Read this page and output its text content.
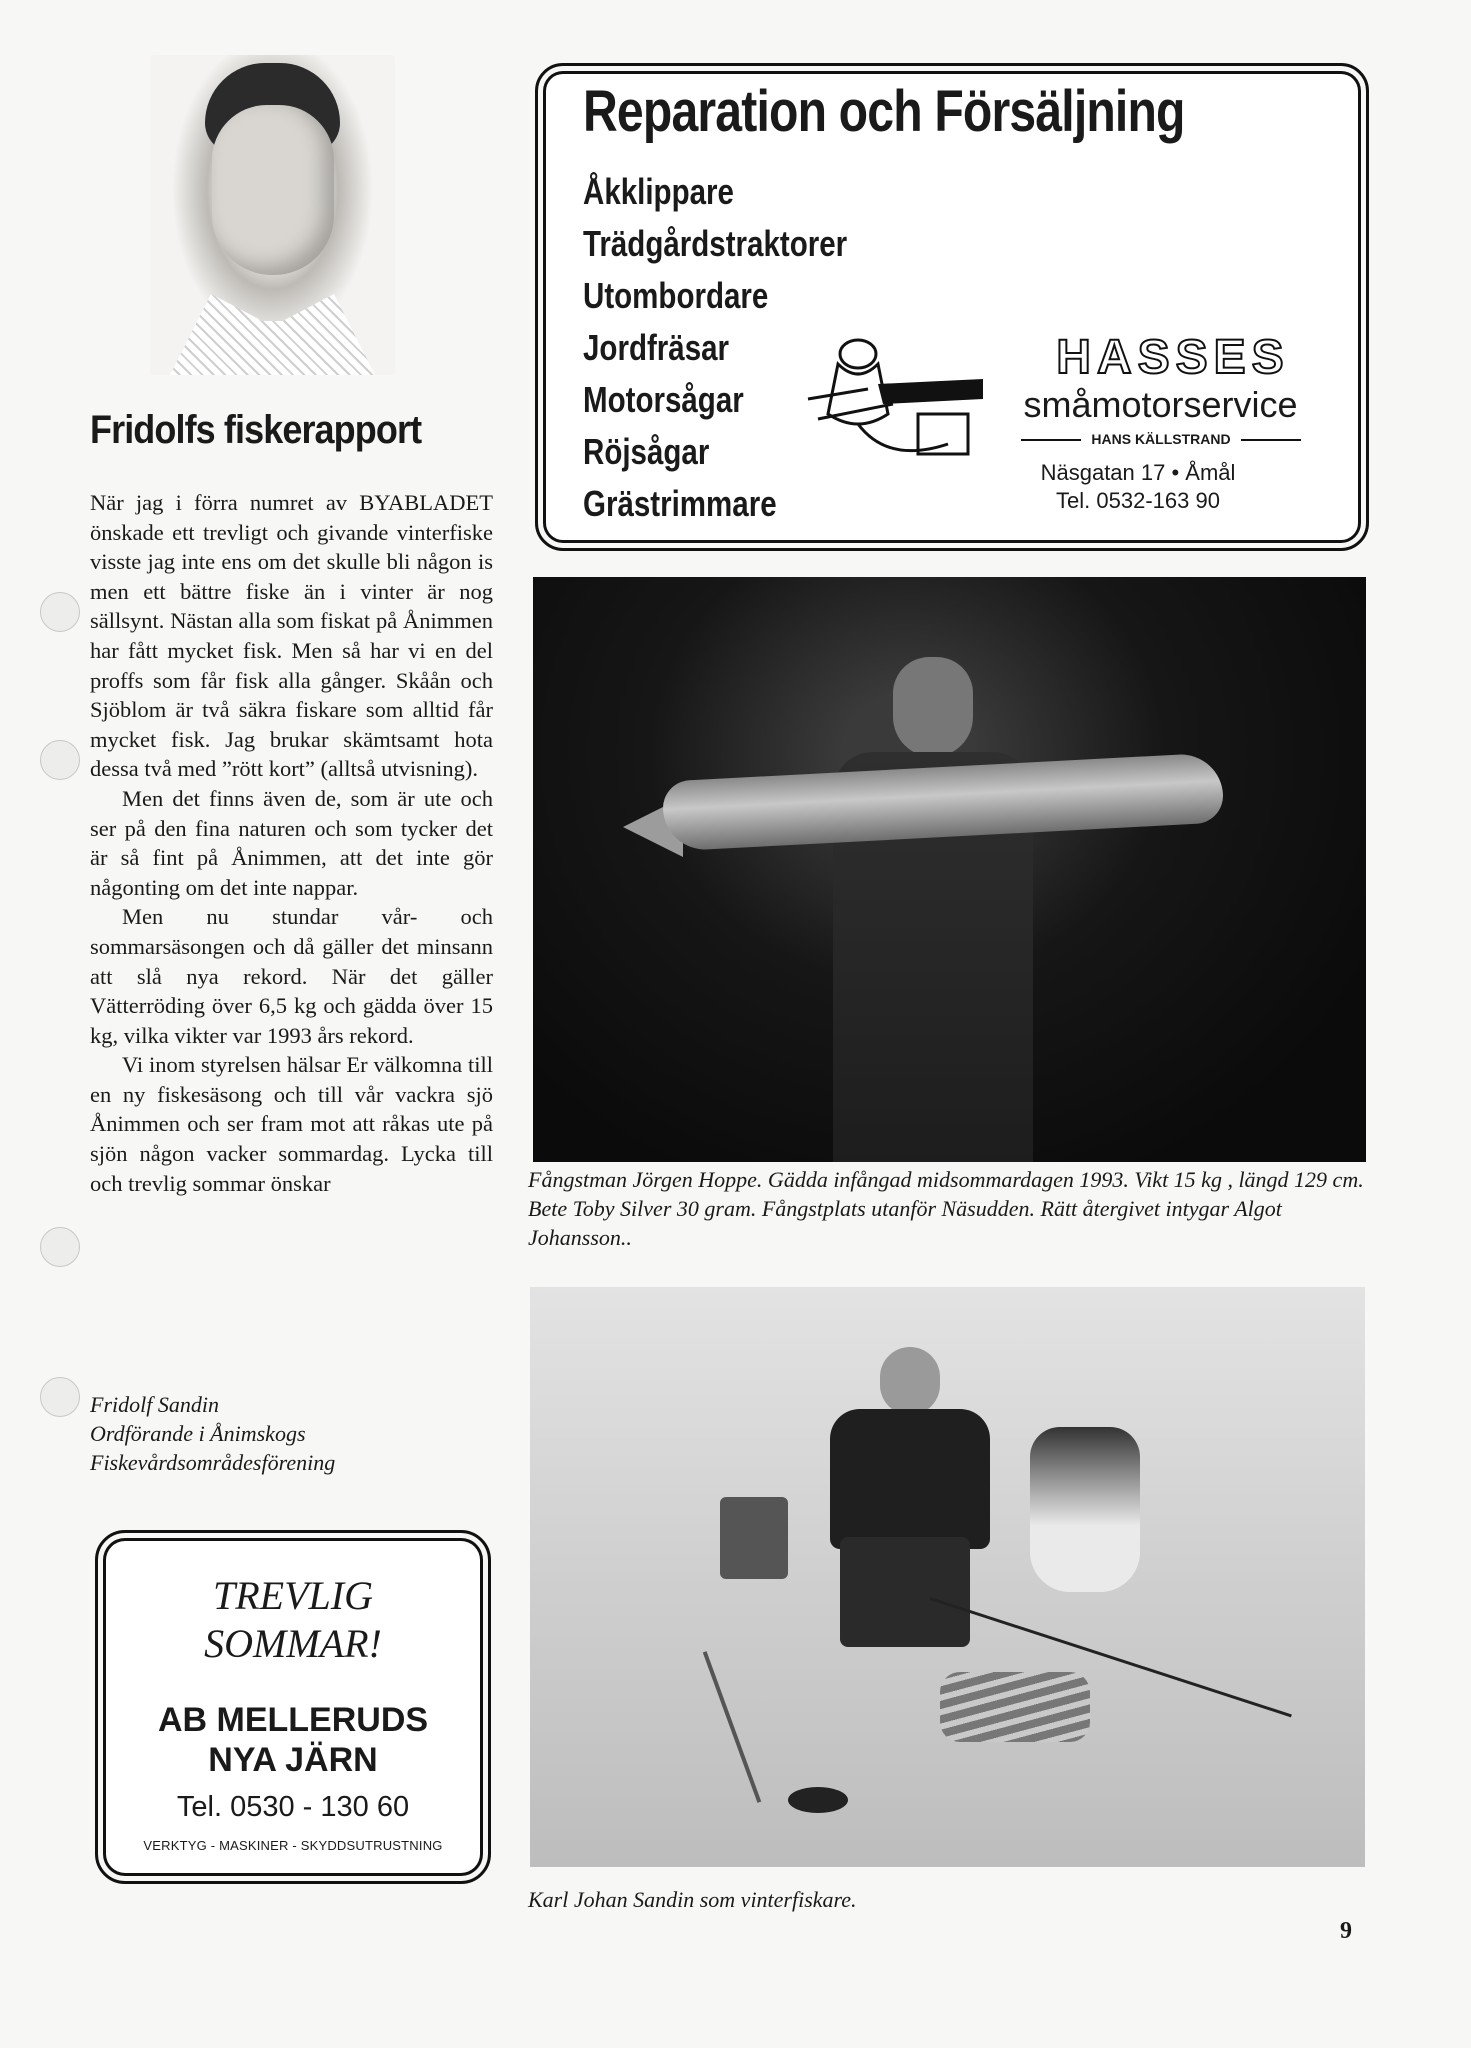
Fridolfs fiskerapport

När jag i förra numret av BYABLADET önskade ett trevligt och givande vinterfiske visste jag inte ens om det skulle bli någon is men ett bättre fiske än i vinter är nog sällsynt. Nästan alla som fiskat på Ånimmen har fått mycket fisk. Men så har vi en del proffs som får fisk alla gånger. Skåån och Sjöblom är två säkra fiskare som alltid får mycket fisk. Jag brukar skämtsamt hota dessa två med ”rött kort” (alltså utvisning).

Men det finns även de, som är ute och ser på den fina naturen och som tycker det är så fint på Ånimmen, att det inte gör någonting om det inte nappar.

Men nu stundar vår- och sommarsäsongen och då gäller det minsann att slå nya rekord. När det gäller Vätterröding över 6,5 kg och gädda över 15 kg, vilka vikter var 1993 års rekord.

Vi inom styrelsen hälsar Er välkomna till en ny fiskesäsong och till vår vackra sjö Ånimmen och ser fram mot att råkas ute på sjön någon vacker sommardag. Lycka till och trevlig sommar önskar

Fridolf Sandin
Ordförande i Ånimskogs
Fiskevårdsområdesförening
TREVLIG
SOMMAR!
AB MELLERUDS
NYA JÄRN
Tel. 0530 - 130 60
VERKTYG - MASKINER - SKYDDSUTRUSTNING
Reparation och Försäljning
Åkklippare
Trädgårdstraktorer
Utombordare
Jordfräsar
Motorsågar
Röjsågar
Grästrimmare
HASSES
småmotorservice
HANS KÄLLSTRAND
Näsgatan 17 • Åmål
Tel. 0532-163 90
Fångstman Jörgen Hoppe. Gädda infångad midsommardagen 1993. Vikt 15 kg , längd 129 cm. Bete Toby Silver 30 gram. Fångstplats utanför Näsudden. Rätt återgivet intygar Algot Johansson..
Karl Johan Sandin som vinterfiskare.
9
